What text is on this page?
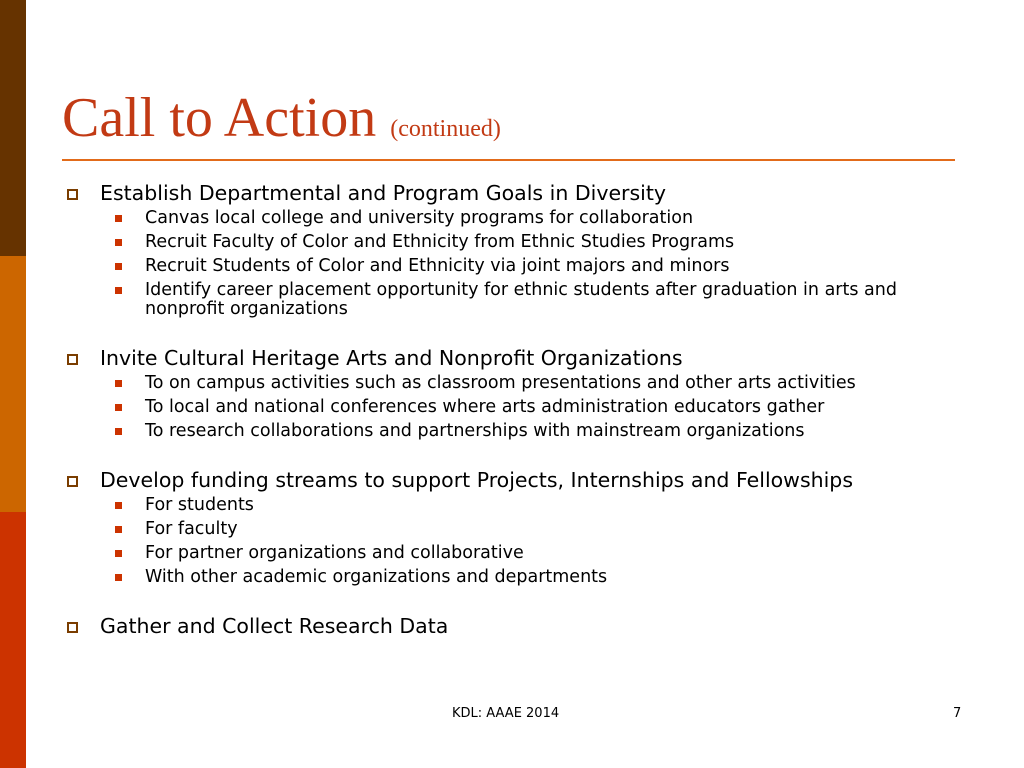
Call to Action (continued)
Establish Departmental and Program Goals in Diversity
Canvas local college and university programs for collaboration
Recruit Faculty of Color and Ethnicity from Ethnic Studies Programs
Recruit Students of Color and Ethnicity via joint majors and minors
Identify career placement opportunity for ethnic students after graduation in arts and nonprofit organizations
Invite Cultural Heritage Arts and Nonprofit Organizations
To on campus activities such as classroom presentations and other arts activities
To local and national conferences where arts administration educators gather
To research collaborations and partnerships with mainstream organizations
Develop funding streams to support Projects, Internships and Fellowships
For students
For faculty
For partner organizations and collaborative
With other academic organizations and departments
Gather and Collect Research Data
KDL: AAAE 2014	7
